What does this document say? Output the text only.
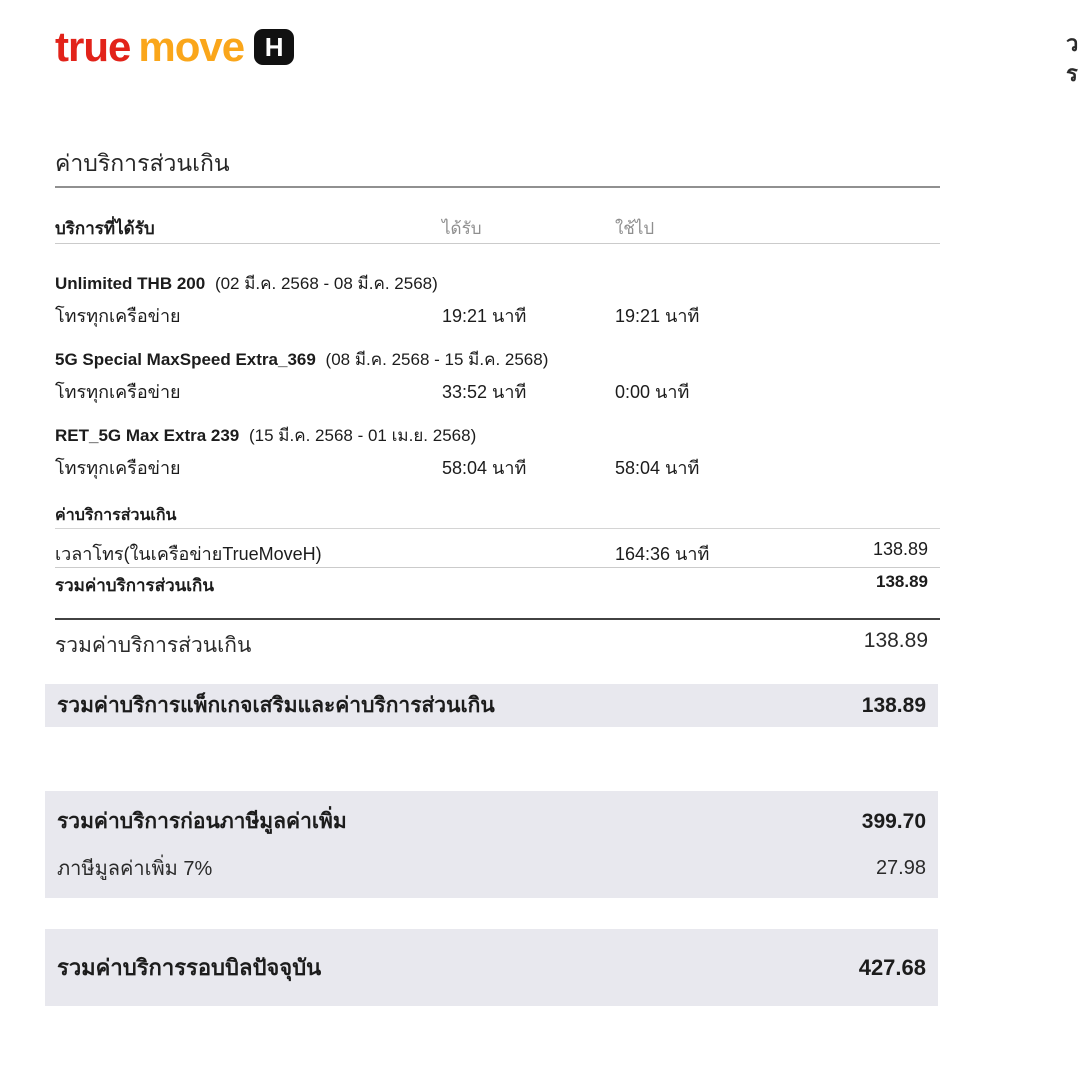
true move H	ว
ร
ค่าบริการส่วนเกิน
บริการที่ได้รับ	ได้รับ	ใช้ไป
Unlimited THB 200 (02 มี.ค. 2568 - 08 มี.ค. 2568)
โทรทุกเครือข่าย	19:21 นาที	19:21 นาที
5G Special MaxSpeed Extra_369 (08 มี.ค. 2568 - 15 มี.ค. 2568)
โทรทุกเครือข่าย	33:52 นาที	0:00 นาที
RET_5G Max Extra 239 (15 มี.ค. 2568 - 01 เม.ย. 2568)
โทรทุกเครือข่าย	58:04 นาที	58:04 นาที
ค่าบริการส่วนเกิน
เวลาโทร(ในเครือข่ายTrueMoveH)	164:36 นาที	138.89
รวมค่าบริการส่วนเกิน	138.89
รวมค่าบริการส่วนเกิน	138.89
รวมค่าบริการแพ็กเกจเสริมและค่าบริการส่วนเกิน	138.89
รวมค่าบริการก่อนภาษีมูลค่าเพิ่ม	399.70
ภาษีมูลค่าเพิ่ม 7%	27.98
รวมค่าบริการรอบบิลปัจจุบัน	427.68
